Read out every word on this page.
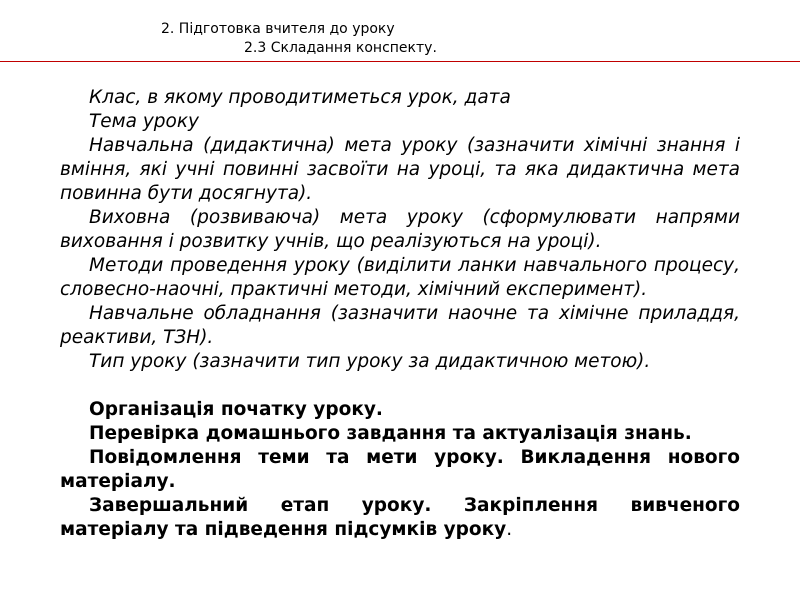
2. Підготовка вчителя до уроку
2.3 Складання конспекту.

Клас, в якому проводитиметься урок, дата

Тема уроку

Навчальна (дидактична) мета уроку (зазначити хімічні знання і вміння, які учні повинні засвоїти на уроці, та яка дидактична мета повинна бути досягнута).

Виховна (розвиваюча) мета уроку (сформулювати напрями виховання і розвитку учнів, що реалізуються на уроці).

Методи проведення уроку (виділити ланки навчального процесу, словесно-наочні, практичні методи, хімічний експеримент).

Навчальне обладнання (зазначити наочне та хімічне приладдя, реактиви, ТЗН).

Тип уроку (зазначити тип уроку за дидактичною метою).

Організація початку уроку.

Перевірка домашнього завдання та актуалізація знань.

Повідомлення теми та мети уроку. Викладення нового матеріалу.

Завершальний етап уроку. Закріплення вивченого матеріалу та підведення підсумків уроку.
